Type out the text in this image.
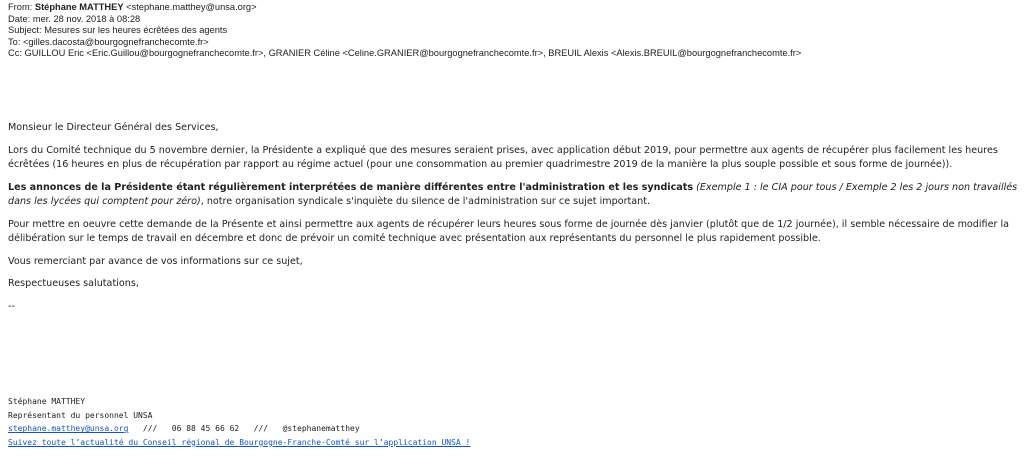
From: Stéphane MATTHEY <stephane.matthey@unsa.org>
Date: mer. 28 nov. 2018 à 08:28
Subject: Mesures sur les heures écrêtées des agents
To: <gilles.dacosta@bourgognefranchecomte.fr>
Cc: GUILLOU Eric <Eric.Guillou@bourgognefranchecomte.fr>, GRANIER Céline <Celine.GRANIER@bourgognefranchecomte.fr>, BREUIL Alexis <Alexis.BREUIL@bourgognefranchecomte.fr>

Monsieur le Directeur Général des Services,

Lors du Comité technique du 5 novembre dernier, la Présidente a expliqué que des mesures seraient prises, avec application début 2019, pour permettre aux agents de récupérer plus facilement les heures écrêtées (16 heures en plus de récupération par rapport au régime actuel (pour une consommation au premier quadrimestre 2019 de la manière la plus souple possible et sous forme de journée)).

Les annonces de la Présidente étant régulièrement interprétées de manière différentes entre l'administration et les syndicats (Exemple 1 : le CIA pour tous / Exemple 2 les 2 jours non travaillés dans les lycées qui comptent pour zéro), notre organisation syndicale s'inquiète du silence de l'administration sur ce sujet important.

Pour mettre en oeuvre cette demande de la Présente et ainsi permettre aux agents de récupérer leurs heures sous forme de journée dès janvier (plutôt que de 1/2 journée), il semble nécessaire de modifier la délibération sur le temps de travail en décembre et donc de prévoir un comité technique avec présentation aux représentants du personnel le plus rapidement possible.

Vous remerciant par avance de vos informations sur ce sujet,

Respectueuses salutations,

--

Stéphane MATTHEY
Représentant du personnel UNSA
stephane.matthey@unsa.org   ///   06 88 45 66 62   ///   @stephanematthey
Suivez toute l’actualité du Conseil régional de Bourgogne-Franche-Comté sur l’application UNSA !
